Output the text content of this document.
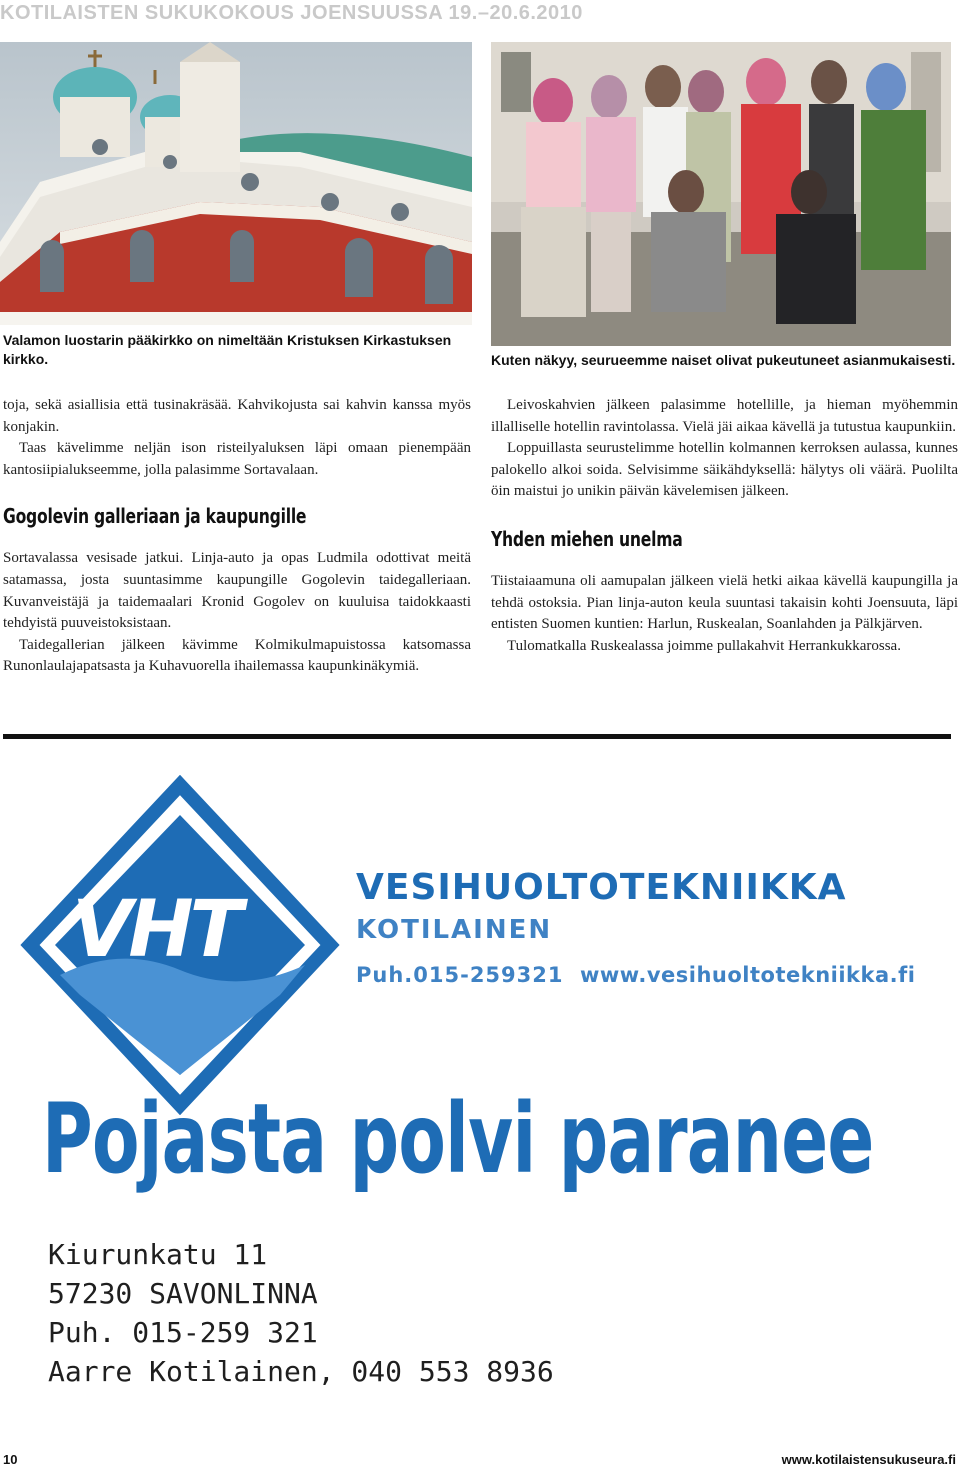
KOTILAISTEN SUKUKOKOUS JOENSUUSSA 19.–20.6.2010

Valamon luostarin pääkirkko on nimeltään Kristuksen Kirkastuksen

kirkko.	Kuten näkyy, seurueemme naiset olivat pukeutuneet asianmukaisesti.

toja, sekä asiallisia että tusinakräsää. Kahvikojusta sai kahvin kanssa myös konjakin.

Taas kävelimme neljän ison risteilyaluksen läpi omaan pienempään kantosiipialukseemme, jolla palasimme Sortavalaan.

Gogolevin galleriaan ja kaupungille

Sortavalassa vesisade jatkui. Linja-auto ja opas Ludmila odottivat meitä satamassa, josta suuntasimme kaupungille Gogolevin taidegalleriaan. Kuvanveistäjä ja taidemaalari Kronid Gogolev on kuuluisa taidokkaasti tehdyistä puuveistoksistaan.

Taidegallerian jälkeen kävimme Kolmikulmapuistossa katsomassa Runonlaulajapatsasta ja Kuhavuorella ihailemassa kaupunkinäkymiä.

Leivoskahvien jälkeen palasimme hotellille, ja hieman myöhemmin illalliselle hotellin ravintolassa. Vielä jäi aikaa kävellä ja tutustua kaupunkiin.

Loppuillasta seurustelimme hotellin kolmannen kerroksen aulassa, kunnes palokello alkoi soida. Selvisimme säikähdyksellä: hälytys oli väärä. Puolilta öin maistui jo unikin päivän kävelemisen jälkeen.

Yhden miehen unelma

Tiistaiaamuna oli aamupalan jälkeen vielä hetki aikaa kävellä kaupungilla ja tehdä ostoksia. Pian linja-auton keula suuntasi takaisin kohti Joensuuta, läpi entisten Suomen kuntien: Harlun, Ruskealan, Soanlahden ja Pälkjärven.

Tulomatkalla Ruskealassa joimme pullakahvit Herrankukkarossa.

VHT	VESIHUOLTOTEKNIIKKA
KOTILAINEN
Puh.015-259321 www.vesihuoltotekniikka.fi
Pojasta polvi paranee

Kiurunkatu 11

57230 SAVONLINNA

Puh. 015-259 321

Aarre Kotilainen, 040 553 8936

10	www.kotilaistensukuseura.fi
